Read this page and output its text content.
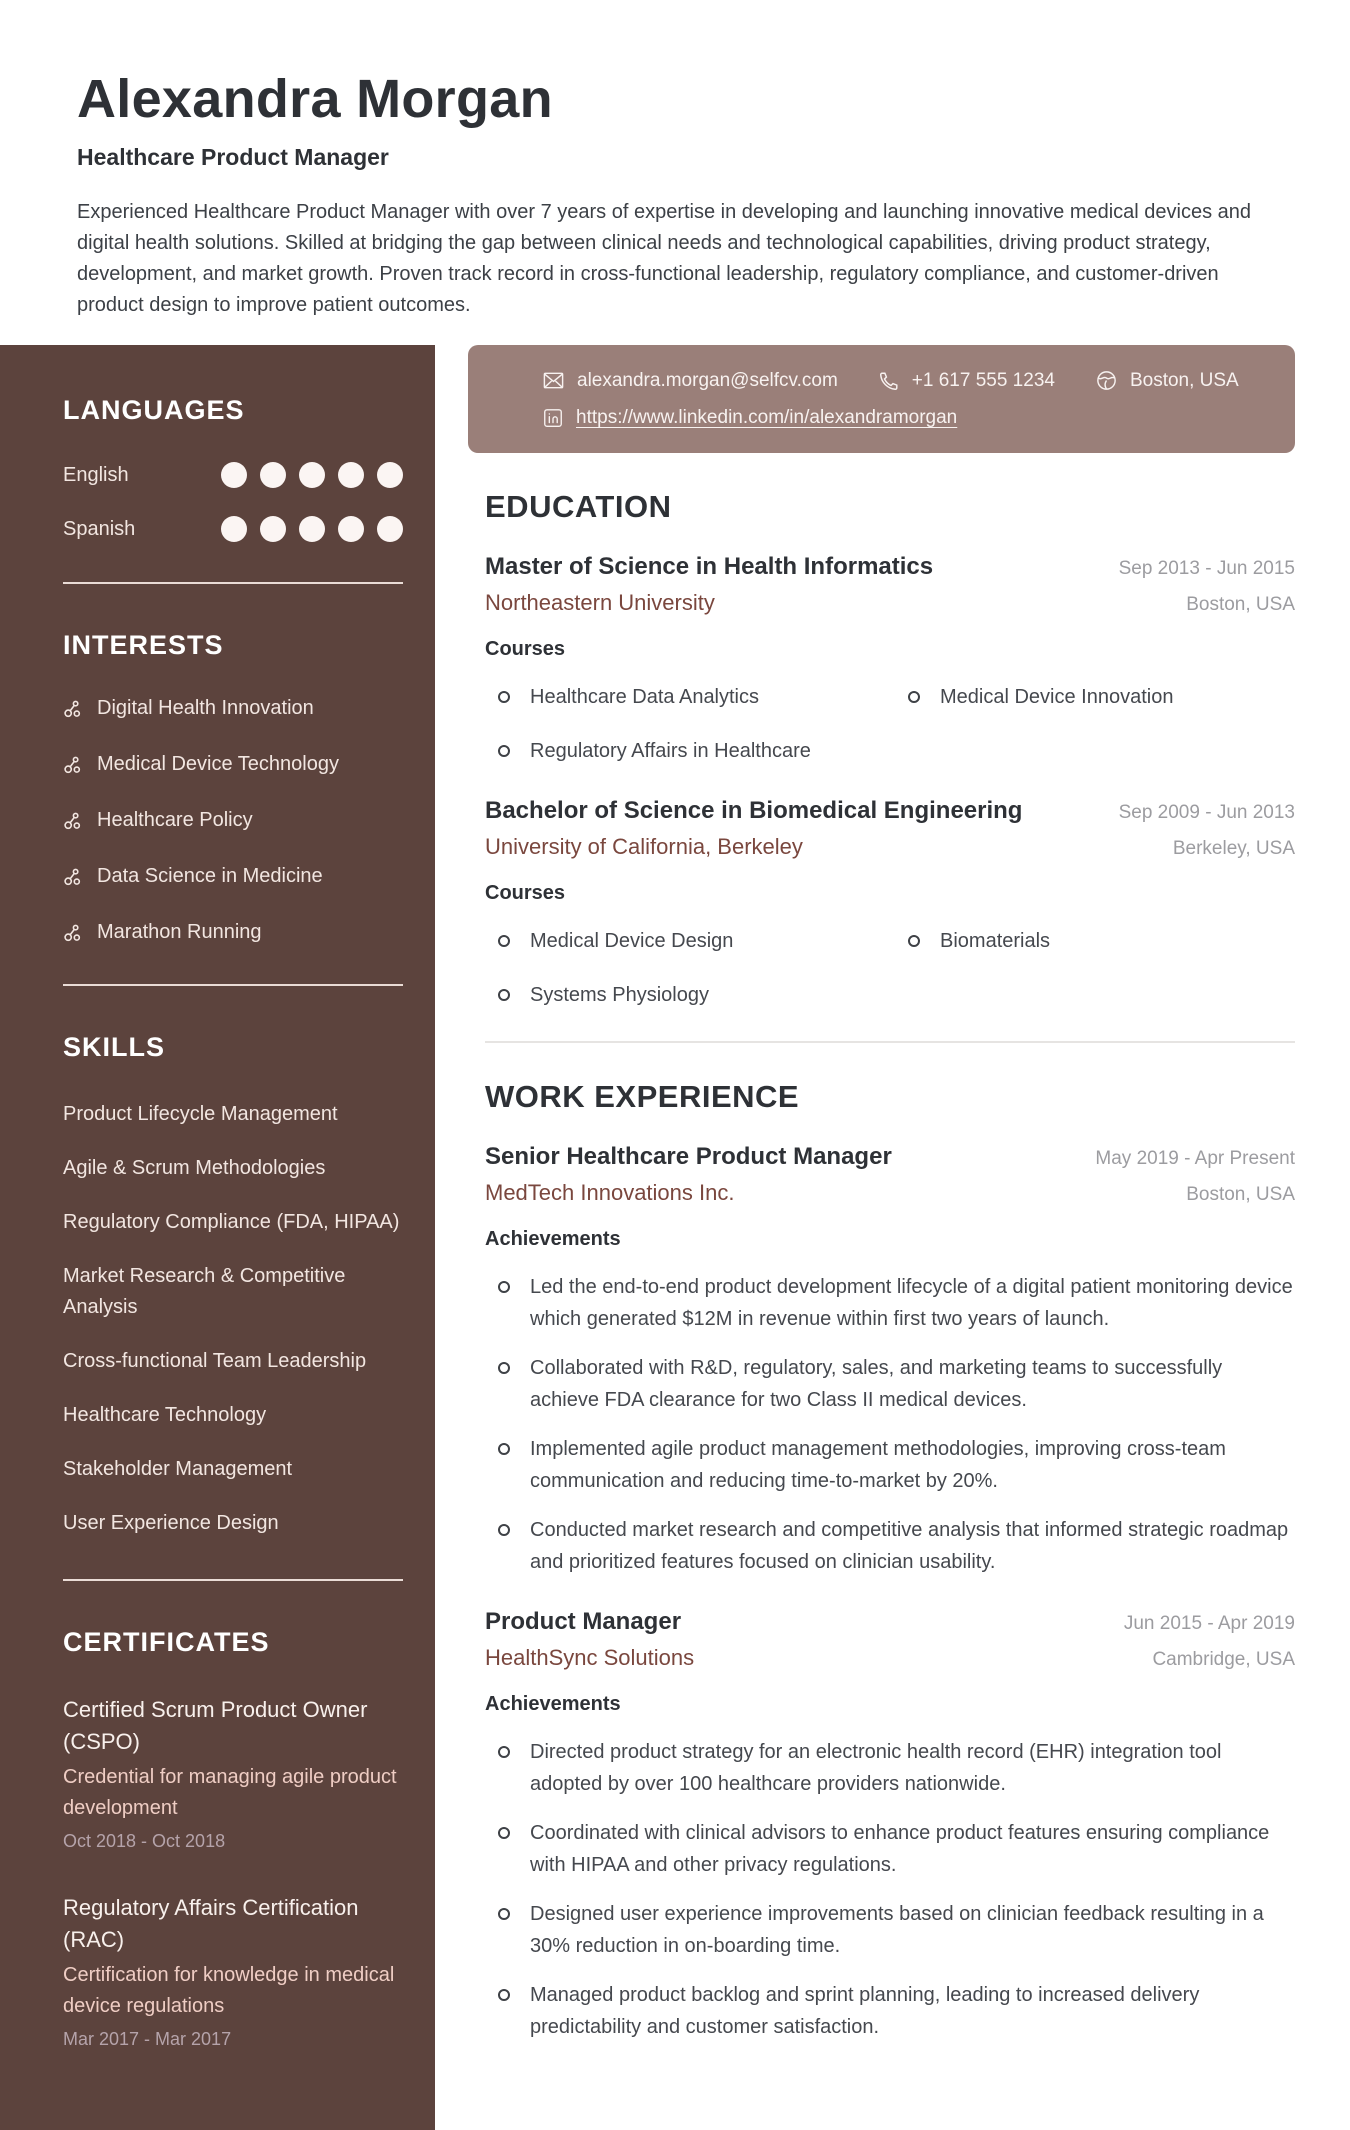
Alexandra Morgan
Healthcare Product Manager
Experienced Healthcare Product Manager with over 7 years of expertise in developing and launching innovative medical devices and digital health solutions. Skilled at bridging the gap between clinical needs and technological capabilities, driving product strategy, development, and market growth. Proven track record in cross-functional leadership, regulatory compliance, and customer-driven product design to improve patient outcomes.
LANGUAGES
English
Spanish
INTERESTS
Digital Health Innovation
Medical Device Technology
Healthcare Policy
Data Science in Medicine
Marathon Running
SKILLS
Product Lifecycle Management
Agile & Scrum Methodologies
Regulatory Compliance (FDA, HIPAA)
Market Research & Competitive Analysis
Cross-functional Team Leadership
Healthcare Technology
Stakeholder Management
User Experience Design
CERTIFICATES
Certified Scrum Product Owner (CSPO)
Credential for managing agile product development
Oct 2018 - Oct 2018
Regulatory Affairs Certification (RAC)
Certification for knowledge in medical device regulations
Mar 2017 - Mar 2017
alexandra.morgan@selfcv.com	+1 617 555 1234	Boston, USA
https://www.linkedin.com/in/alexandramorgan
EDUCATION
Master of Science in Health Informatics	Sep 2013 - Jun 2015
Northeastern University	Boston, USA
Courses
Healthcare Data Analytics	Medical Device Innovation
Regulatory Affairs in Healthcare
Bachelor of Science in Biomedical Engineering	Sep 2009 - Jun 2013
University of California, Berkeley	Berkeley, USA
Courses
Medical Device Design	Biomaterials
Systems Physiology
WORK EXPERIENCE
Senior Healthcare Product Manager	May 2019 - Apr Present
MedTech Innovations Inc.	Boston, USA
Achievements
Led the end-to-end product development lifecycle of a digital patient monitoring device which generated $12M in revenue within first two years of launch.
Collaborated with R&D, regulatory, sales, and marketing teams to successfully achieve FDA clearance for two Class II medical devices.
Implemented agile product management methodologies, improving cross-team communication and reducing time-to-market by 20%.
Conducted market research and competitive analysis that informed strategic roadmap and prioritized features focused on clinician usability.
Product Manager	Jun 2015 - Apr 2019
HealthSync Solutions	Cambridge, USA
Achievements
Directed product strategy for an electronic health record (EHR) integration tool adopted by over 100 healthcare providers nationwide.
Coordinated with clinical advisors to enhance product features ensuring compliance with HIPAA and other privacy regulations.
Designed user experience improvements based on clinician feedback resulting in a 30% reduction in on-boarding time.
Managed product backlog and sprint planning, leading to increased delivery predictability and customer satisfaction.
